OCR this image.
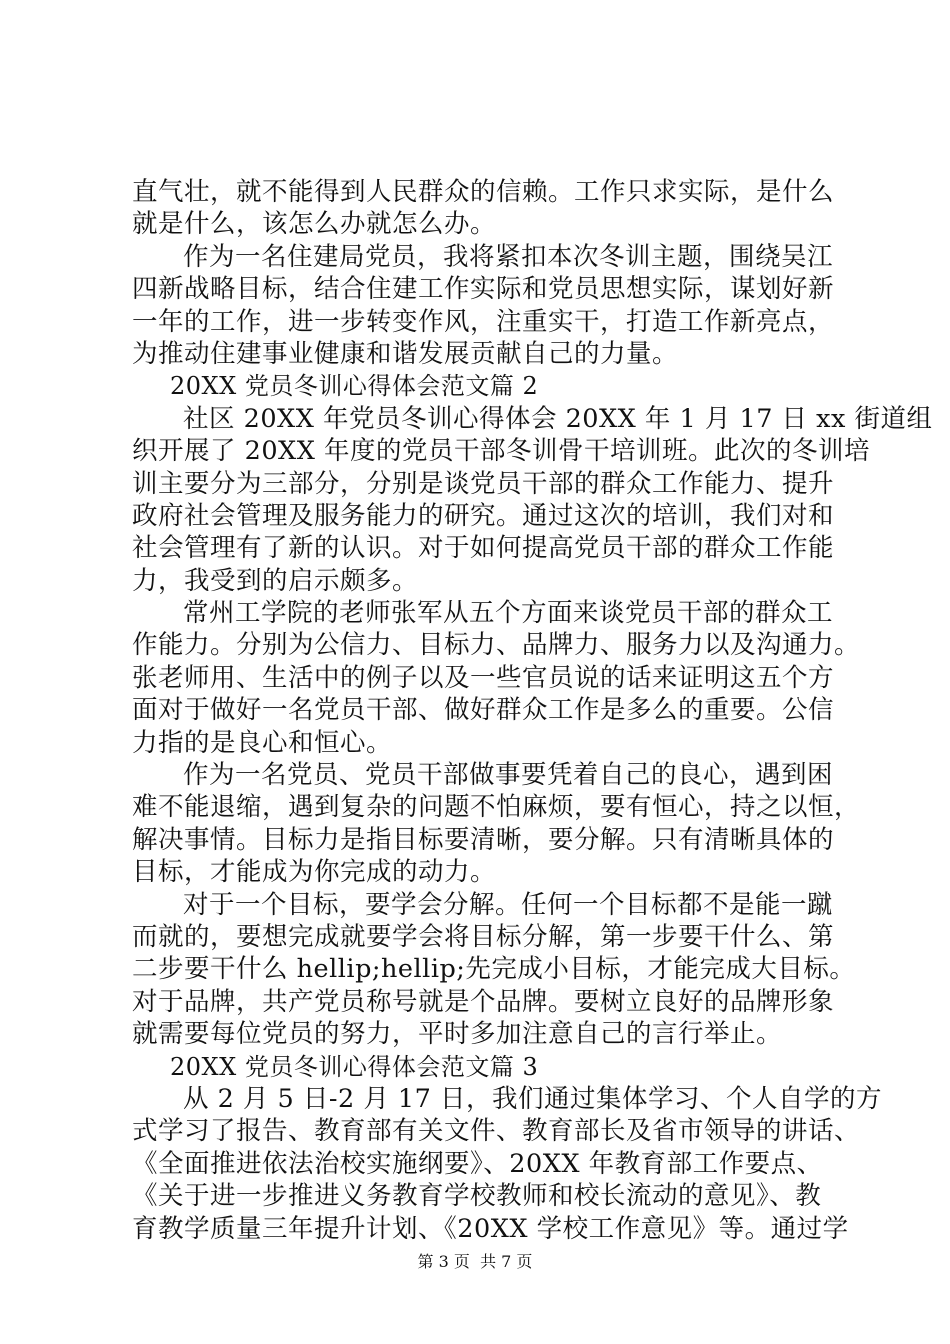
直气壮，就不能得到人民群众的信赖。工作只求实际，是什么
就是什么，该怎么办就怎么办。
作为一名住建局党员，我将紧扣本次冬训主题，围绕吴江
四新战略目标，结合住建工作实际和党员思想实际，谋划好新
一年的工作，进一步转变作风，注重实干，打造工作新亮点，
为推动住建事业健康和谐发展贡献自己的力量。
20XX 党员冬训心得体会范文篇 2
社区 20XX 年党员冬训心得体会 20XX 年 1 月 17 日 xx 街道组
织开展了 20XX 年度的党员干部冬训骨干培训班。此次的冬训培
训主要分为三部分，分别是谈党员干部的群众工作能力、提升
政府社会管理及服务能力的研究。通过这次的培训，我们对和
社会管理有了新的认识。对于如何提高党员干部的群众工作能
力，我受到的启示颇多。
常州工学院的老师张军从五个方面来谈党员干部的群众工
作能力。分别为公信力、目标力、品牌力、服务力以及沟通力。
张老师用、生活中的例子以及一些官员说的话来证明这五个方
面对于做好一名党员干部、做好群众工作是多么的重要。公信
力指的是良心和恒心。
作为一名党员、党员干部做事要凭着自己的良心，遇到困
难不能退缩，遇到复杂的问题不怕麻烦，要有恒心，持之以恒，
解决事情。目标力是指目标要清晰，要分解。只有清晰具体的
目标，才能成为你完成的动力。
对于一个目标，要学会分解。任何一个目标都不是能一蹴
而就的，要想完成就要学会将目标分解，第一步要干什么、第
二步要干什么 hellip;hellip;先完成小目标，才能完成大目标。
对于品牌，共产党员称号就是个品牌。要树立良好的品牌形象
就需要每位党员的努力，平时多加注意自己的言行举止。
20XX 党员冬训心得体会范文篇 3
从 2 月 5 日-2 月 17 日，我们通过集体学习、个人自学的方
式学习了报告、教育部有关文件、教育部长及省市领导的讲话、
《全面推进依法治校实施纲要》、20XX 年教育部工作要点、
《关于进一步推进义务教育学校教师和校长流动的意见》、教
育教学质量三年提升计划、《20XX 学校工作意见》等。通过学
第 3 页 共 7 页
